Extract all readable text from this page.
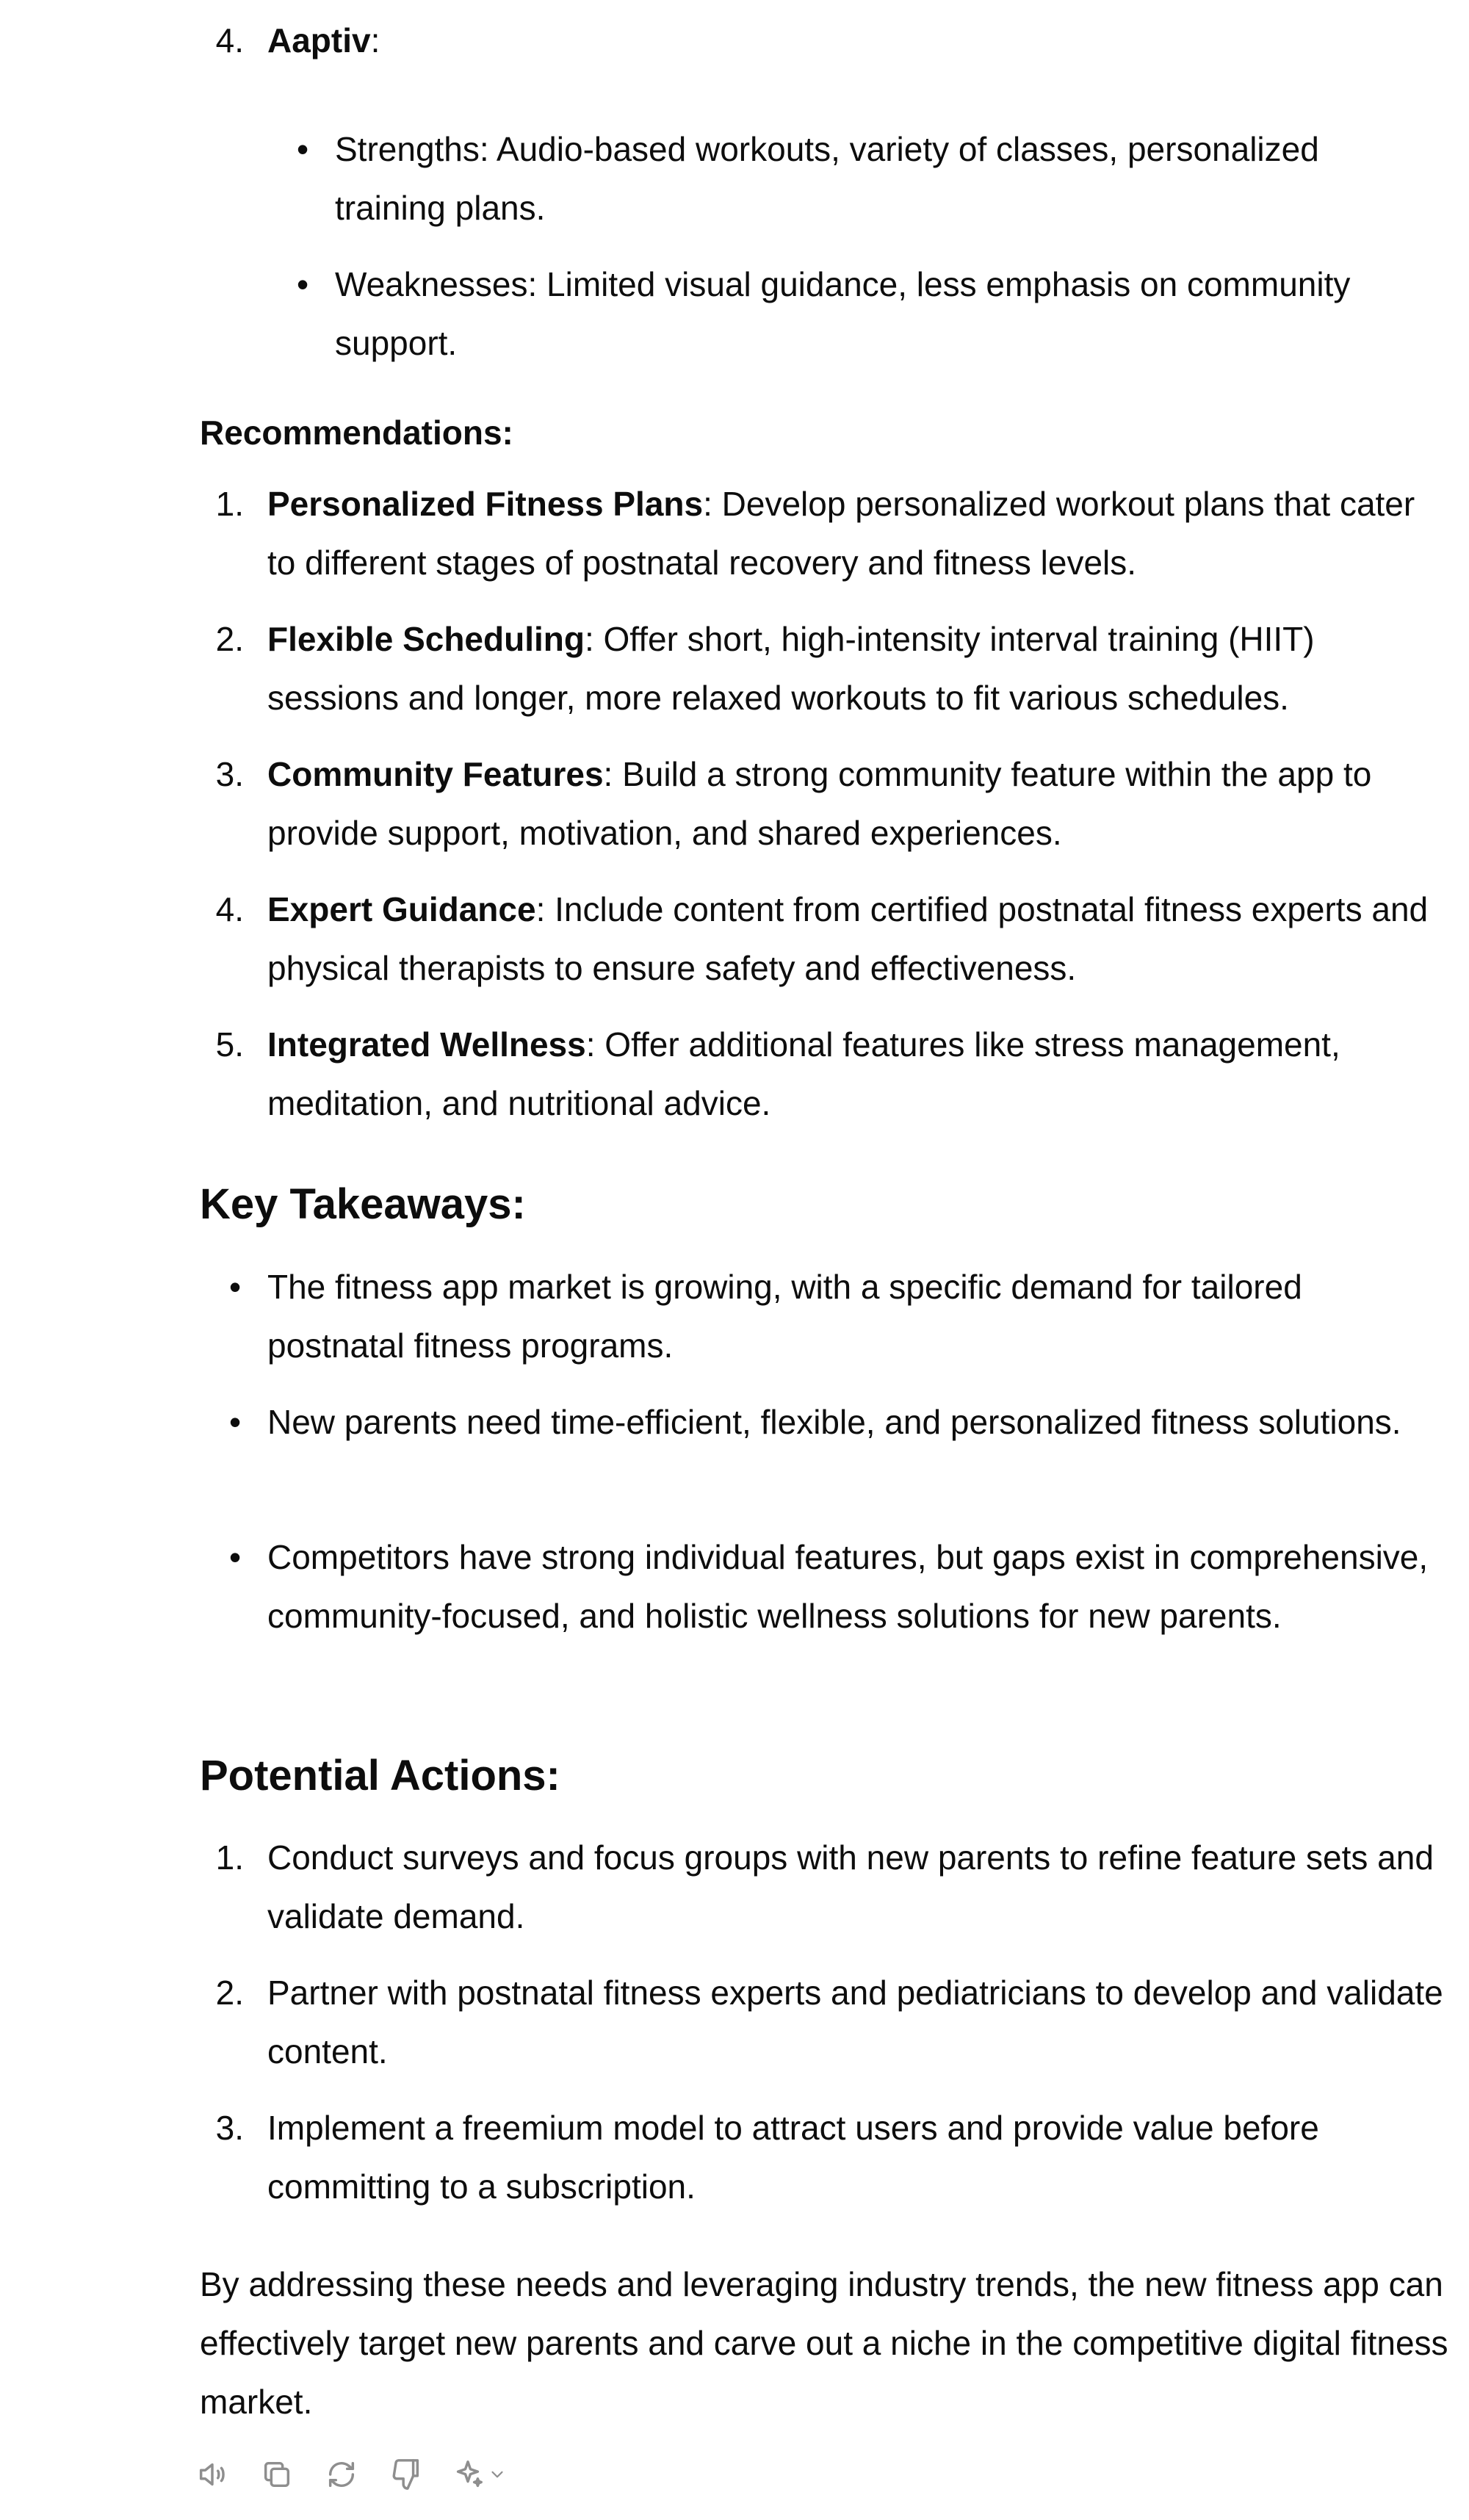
4. Aaptiv:
• Strengths: Audio-based workouts, variety of classes, personalized training plans.
• Weaknesses: Limited visual guidance, less emphasis on community support.
Recommendations:
1. Personalized Fitness Plans: Develop personalized workout plans that cater to different stages of postnatal recovery and fitness levels.
2. Flexible Scheduling: Offer short, high-intensity interval training (HIIT) sessions and longer, more relaxed workouts to fit various schedules.
3. Community Features: Build a strong community feature within the app to provide support, motivation, and shared experiences.
4. Expert Guidance: Include content from certified postnatal fitness experts and physical therapists to ensure safety and effectiveness.
5. Integrated Wellness: Offer additional features like stress management, meditation, and nutritional advice.
Key Takeaways:
• The fitness app market is growing, with a specific demand for tailored postnatal fitness programs.
• New parents need time-efficient, flexible, and personalized fitness solutions.
• Competitors have strong individual features, but gaps exist in comprehensive, community-focused, and holistic wellness solutions for new parents.
Potential Actions:
1. Conduct surveys and focus groups with new parents to refine feature sets and validate demand.
2. Partner with postnatal fitness experts and pediatricians to develop and validate content.
3. Implement a freemium model to attract users and provide value before committing to a subscription.

By addressing these needs and leveraging industry trends, the new fitness app can effectively target new parents and carve out a niche in the competitive digital fitness market.
